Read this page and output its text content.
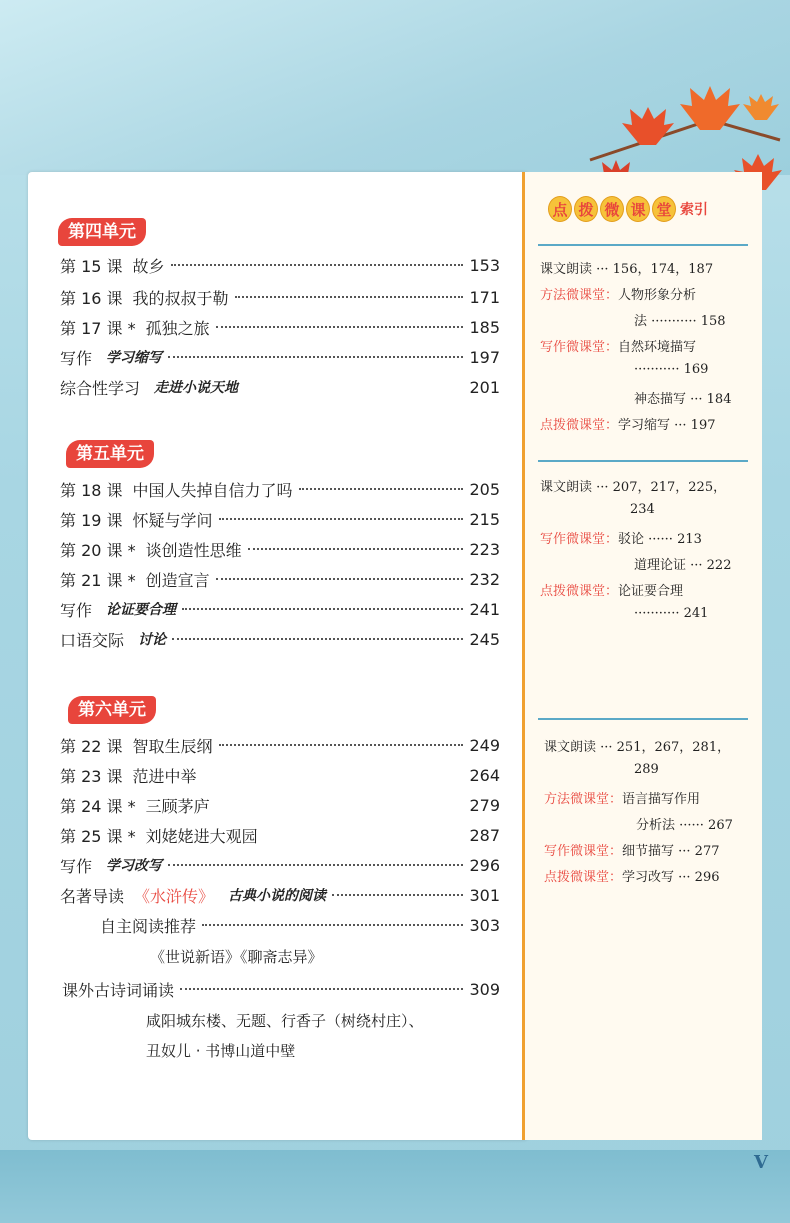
第四单元
第 15 课 故乡	153
第 16 课 我的叔叔于勒	171
第 17 课 * 孤独之旅	185
写作 学习缩写	197
综合性学习 走进小说天地	201
第五单元
第 18 课 中国人失掉自信力了吗	205
第 19 课 怀疑与学问	215
第 20 课 * 谈创造性思维	223
第 21 课 * 创造宣言	232
写作 论证要合理	241
口语交际 讨论	245
第六单元
第 22 课 智取生辰纲	249
第 23 课 范进中举	264
第 24 课 * 三顾茅庐	279
第 25 课 * 刘姥姥进大观园	287
写作 学习改写	296
名著导读 《水浒传》 古典小说的阅读	301
自主阅读推荐	303
《世说新语》《聊斋志异》
课外古诗词诵读	309
咸阳城东楼、无题、行香子（树绕村庄）、
丑奴儿 · 书博山道中壁
点 拨 微 课 堂 索引
课文朗读 ··· 156，174，187
方法微课堂：人物形象分析
法 ··········· 158
写作微课堂：自然环境描写
··········· 169
神态描写 ··· 184
点拨微课堂：学习缩写 ··· 197
课文朗读 ··· 207，217，225，
234
写作微课堂：驳论 ······ 213
道理论证 ··· 222
点拨微课堂：论证要合理
··········· 241
课文朗读 ··· 251，267，281，
289
方法微课堂：语言描写作用
分析法 ······ 267
写作微课堂：细节描写 ··· 277
点拨微课堂：学习改写 ··· 296
V
